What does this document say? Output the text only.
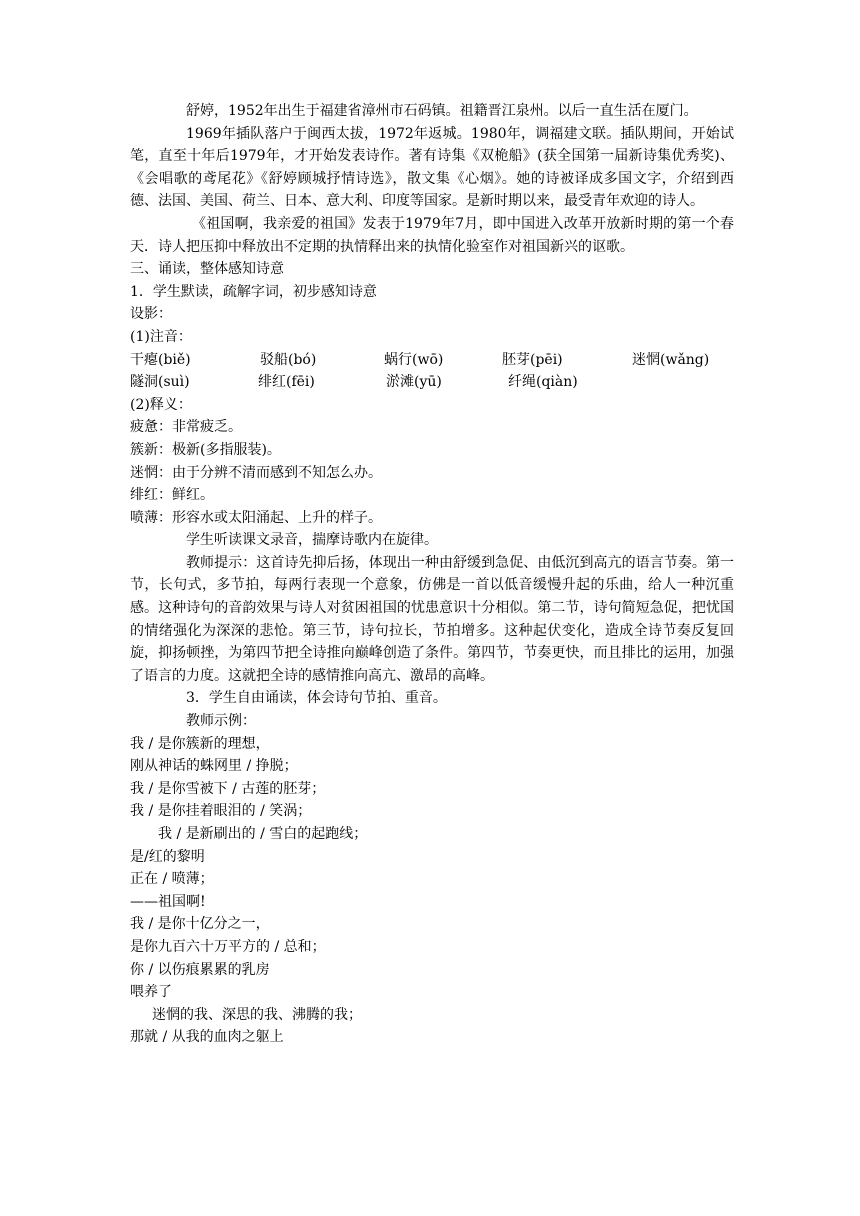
舒婷，1952年出生于福建省漳州市石码镇。祖籍晋江泉州。以后一直生活在厦门。

1969年插队落户于闽西太拔，1972年返城。1980年，调福建文联。插队期间，开始试笔，直至十年后1979年，才开始发表诗作。著有诗集《双桅船》(获全国第一届新诗集优秀奖)、《会唱歌的鸢尾花》《舒婷顾城抒情诗选》，散文集《心烟》。她的诗被译成多国文字，介绍到西德、法国、美国、荷兰、日本、意大利、印度等国家。是新时期以来，最受青年欢迎的诗人。

《祖国啊，我亲爱的祖国》发表于1979年7月，即中国进入改革开放新时期的第一个春天．诗人把压抑中释放出不定期的执情释出来的执情化验室作对祖国新兴的讴歌。

三、诵读，整体感知诗意

1．学生默读，疏解字词，初步感知诗意

设影：

(1)注音：

干瘪(biě)	驳船(bó)	蜗行(wō)	胚芽(pēi)	迷惘(wǎng)
隧洞(suì)	绯红(fēi)	淤滩(yū)	纤绳(qiàn)

(2)释义：

疲惫：非常疲乏。

簇新：极新(多指服装)。

迷惘：由于分辨不清而感到不知怎么办。

绯红：鲜红。

喷薄：形容水或太阳涌起、上升的样子。

学生听读课文录音，揣摩诗歌内在旋律。

教师提示：这首诗先抑后扬，体现出一种由舒缓到急促、由低沉到高亢的语言节奏。第一节，长句式，多节拍，每两行表现一个意象，仿佛是一首以低音缓慢升起的乐曲，给人一种沉重感。这种诗句的音韵效果与诗人对贫困祖国的忧患意识十分相似。第二节，诗句简短急促，把忧国的情绪强化为深深的悲怆。第三节，诗句拉长，节拍增多。这种起伏变化，造成全诗节奏反复回旋，抑扬顿挫，为第四节把全诗推向巅峰创造了条件。第四节，节奏更快，而且排比的运用，加强了语言的力度。这就把全诗的感情推向高亢、激昂的高峰。

3．学生自由诵读，体会诗句节拍、重音。

教师示例：

我 / 是你簇新的理想，

刚从神话的蛛网里 / 挣脱；

我 / 是你雪被下 / 古莲的胚芽；

我 / 是你挂着眼泪的 / 笑涡；

我 / 是新刷出的 / 雪白的起跑线；

是/红的黎明

正在 / 喷薄；

——祖国啊!

我 / 是你十亿分之一，

是你九百六十万平方的 / 总和；

你 / 以伤痕累累的乳房

喂养了

迷惘的我、深思的我、沸腾的我；

那就 / 从我的血肉之躯上
